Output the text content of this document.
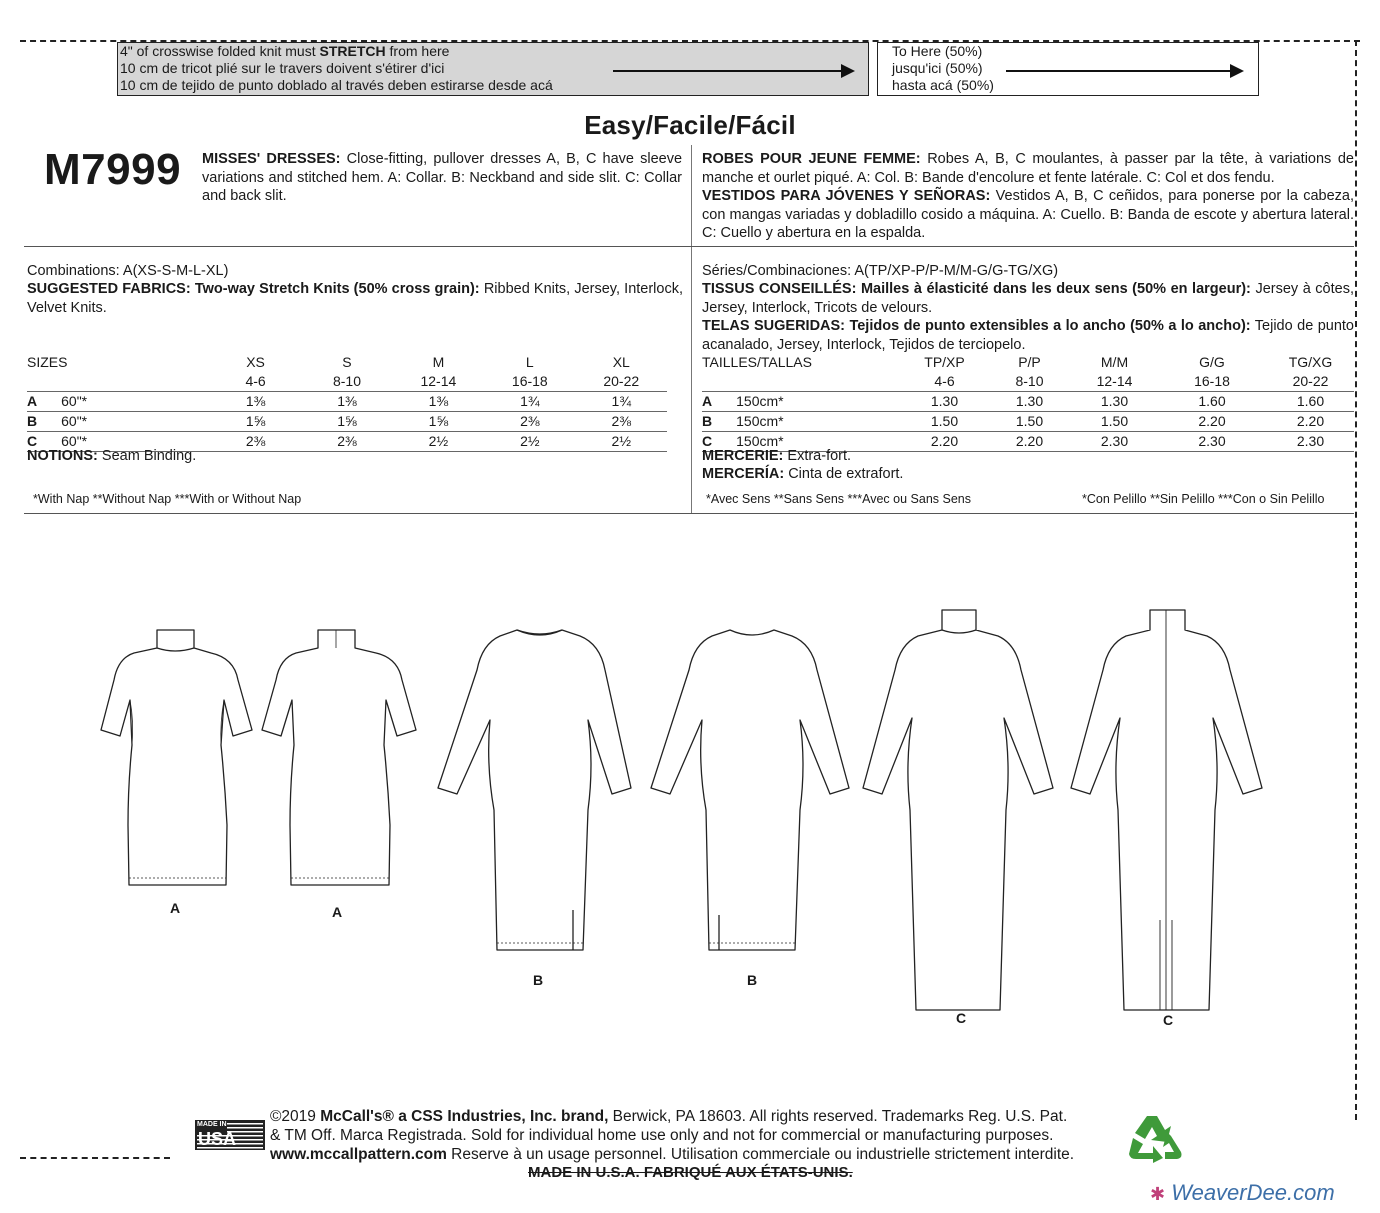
4" of crosswise folded knit must STRETCH from here
10 cm de tricot plié sur le travers doivent s'étirer d'ici
10 cm de tejido de punto doblado al través deben estirarse desde acá
To Here (50%)
jusqu'ici (50%)
hasta acá (50%)
Easy/Facile/Fácil
M7999 MISSES' DRESSES: Close-fitting, pullover dresses A, B, C have sleeve variations and stitched hem. A: Collar. B: Neckband and side slit. C: Collar and back slit.
ROBES POUR JEUNE FEMME: Robes A, B, C moulantes, à passer par la tête, à variations de manche et ourlet piqué. A: Col. B: Bande d'encolure et fente latérale. C: Col et dos fendu.
VESTIDOS PARA JÓVENES Y SEÑORAS: Vestidos A, B, C ceñidos, para ponerse por la cabeza, con mangas variadas y dobladillo cosido a máquina. A: Cuello. B: Banda de escote y abertura lateral. C: Cuello y abertura en la espalda.
Combinations: A(XS-S-M-L-XL)
SUGGESTED FABRICS: Two-way Stretch Knits (50% cross grain): Ribbed Knits, Jersey, Interlock, Velvet Knits.
Séries/Combinaciones: A(TP/XP-P/P-M/M-G/G-TG/XG)
TISSUS CONSEILLÉS: Mailles à élasticité dans les deux sens (50% en largeur): Jersey à côtes, Jersey, Interlock, Tricots de velours.
TELAS SUGERIDAS: Tejidos de punto extensibles a lo ancho (50% a lo ancho): Tejido de punto acanalado, Jersey, Interlock, Tejidos de terciopelo.
SIZES	XS	S	M	L	XL
	4-6	8-10	12-14	16-18	20-22
A 60"*	1⅜	1⅜	1⅜	1¾	1¾
B 60"*	1⅝	1⅝	1⅝	2⅜	2⅜
C 60"*	2⅜	2⅜	2½	2½	2½
NOTIONS: Seam Binding.
TAILLES/TALLAS	TP/XP	P/P	M/M	G/G	TG/XG
	4-6	8-10	12-14	16-18	20-22
A 150cm*	1.30	1.30	1.30	1.60	1.60
B 150cm*	1.50	1.50	1.50	2.20	2.20
C 150cm*	2.20	2.20	2.30	2.30	2.30
MERCERIE: Extra-fort.
MERCERÍA: Cinta de extrafort.
*With Nap **Without Nap ***With or Without Nap	*Avec Sens **Sans Sens ***Avec ou Sans Sens	*Con Pelillo **Sin Pelillo ***Con o Sin Pelillo
A	A
B	B
C	C
MADE IN
USA
©2019 McCall's® a CSS Industries, Inc. brand, Berwick, PA 18603. All rights reserved. Trademarks Reg. U.S. Pat.
& TM Off. Marca Registrada. Sold for individual home use only and not for commercial or manufacturing purposes.
www.mccallpattern.com Reserve à un usage personnel. Utilisation commerciale ou industrielle strictement interdite.
MADE IN U.S.A. FABRIQUÉ AUX ÉTATS-UNIS.
✱ WeaverDee.com
